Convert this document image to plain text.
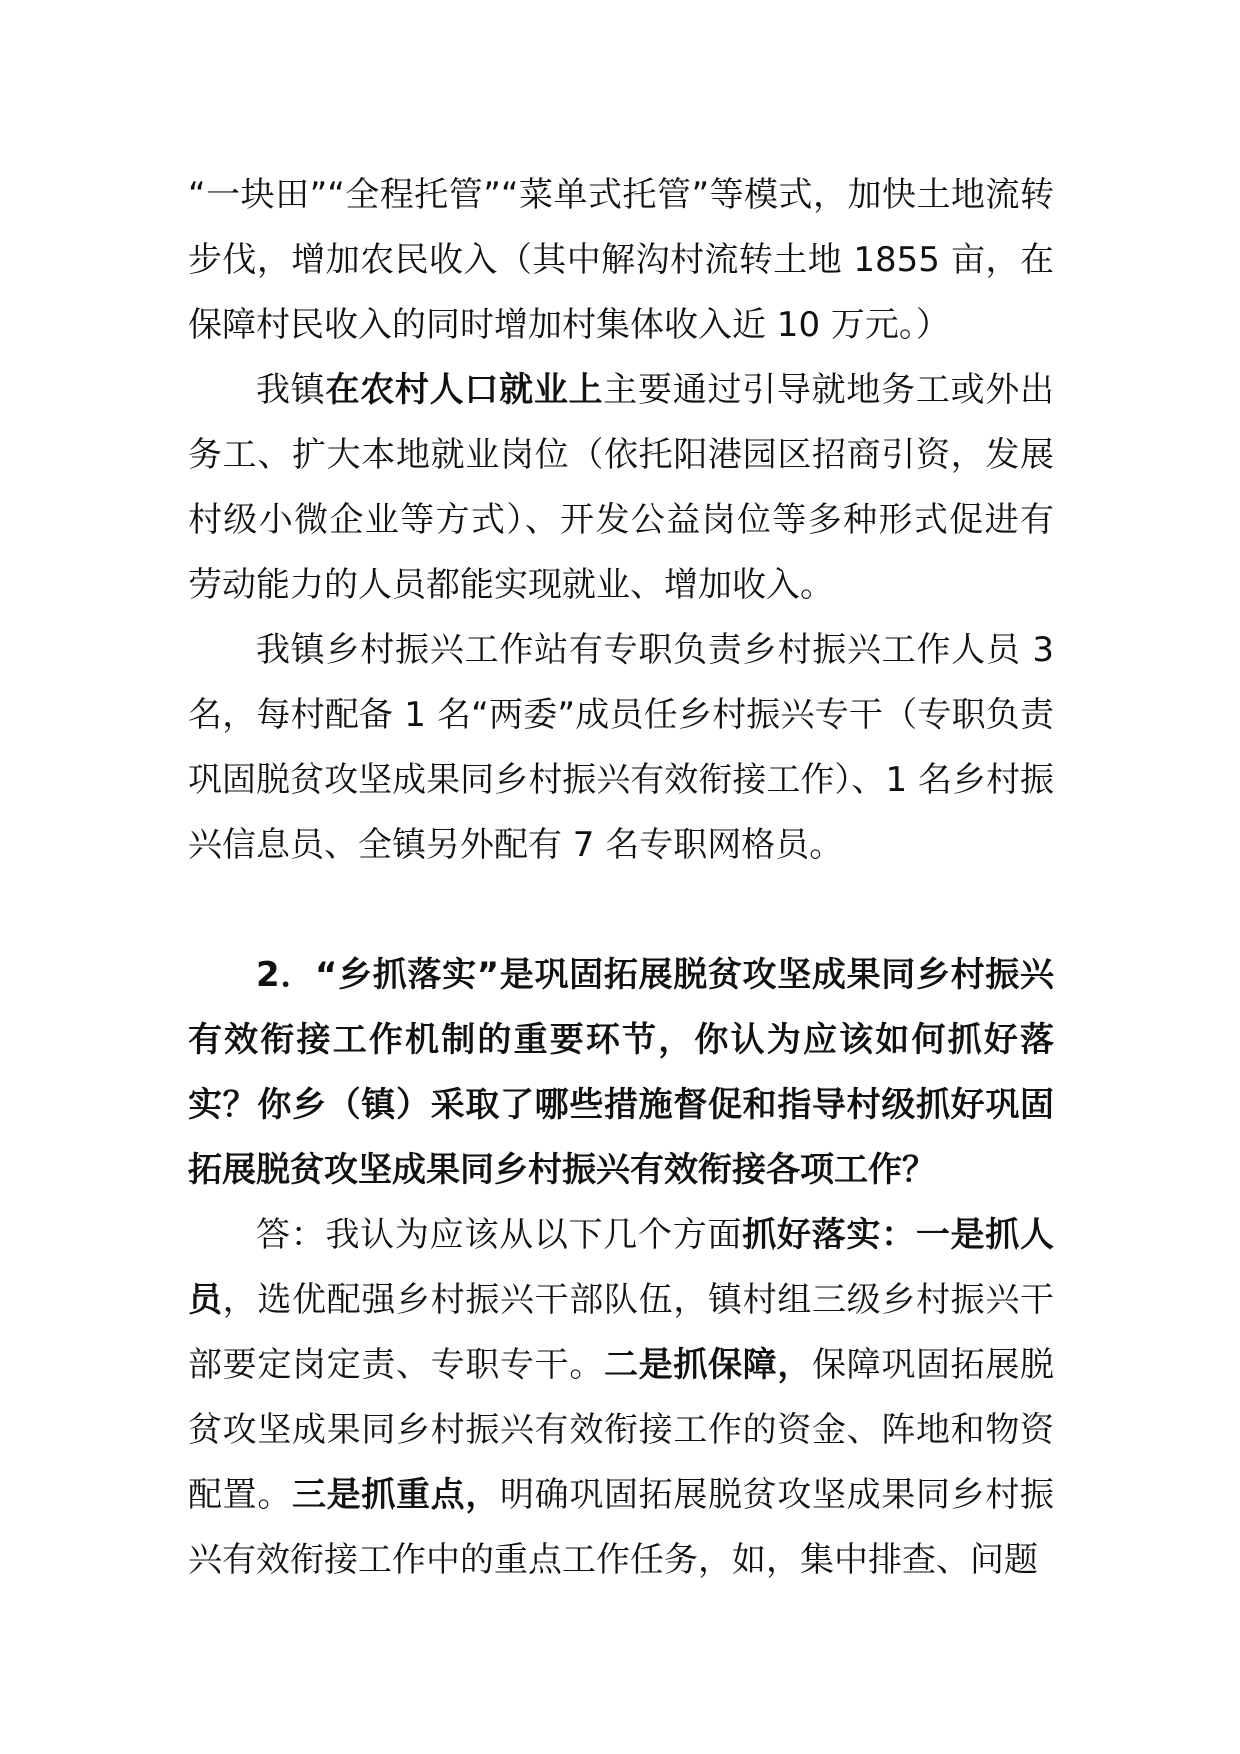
“一块田”“全程托管”“菜单式托管”等模式，加快土地流转步伐，增加农民收入（其中解沟村流转土地 1855 亩，在保障村民收入的同时增加村集体收入近 10 万元。）

我镇在农村人口就业上主要通过引导就地务工或外出务工、扩大本地就业岗位（依托阳港园区招商引资，发展村级小微企业等方式）、开发公益岗位等多种形式促进有劳动能力的人员都能实现就业、增加收入。

我镇乡村振兴工作站有专职负责乡村振兴工作人员 3 名，每村配备 1 名“两委”成员任乡村振兴专干（专职负责巩固脱贫攻坚成果同乡村振兴有效衔接工作）、1 名乡村振兴信息员、全镇另外配有 7 名专职网格员。

2．“乡抓落实”是巩固拓展脱贫攻坚成果同乡村振兴有效衔接工作机制的重要环节，你认为应该如何抓好落实？你乡（镇）采取了哪些措施督促和指导村级抓好巩固拓展脱贫攻坚成果同乡村振兴有效衔接各项工作？

答：我认为应该从以下几个方面抓好落实：一是抓人员，选优配强乡村振兴干部队伍，镇村组三级乡村振兴干部要定岗定责、专职专干。二是抓保障，保障巩固拓展脱贫攻坚成果同乡村振兴有效衔接工作的资金、阵地和物资配置。三是抓重点，明确巩固拓展脱贫攻坚成果同乡村振兴有效衔接工作中的重点工作任务，如，集中排查、问题
